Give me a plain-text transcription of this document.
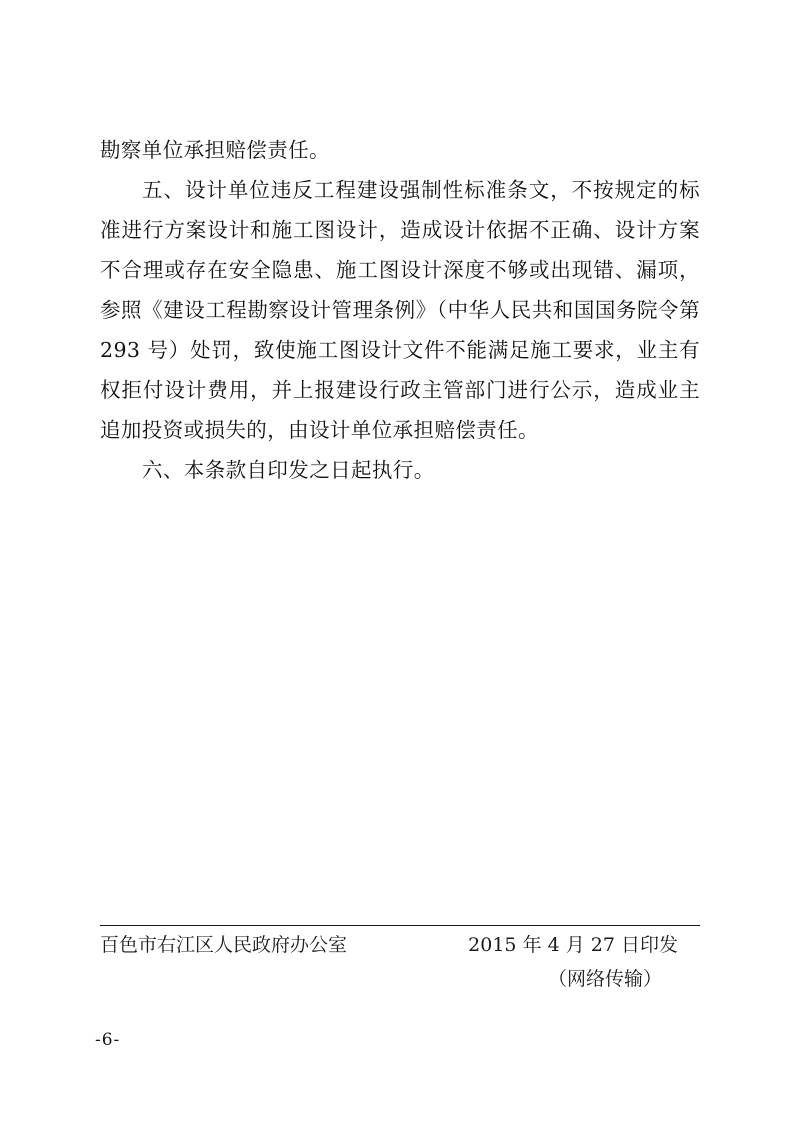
勘察单位承担赔偿责任。

五、设计单位违反工程建设强制性标准条文，不按规定的标准进行方案设计和施工图设计，造成设计依据不正确、设计方案不合理或存在安全隐患、施工图设计深度不够或出现错、漏项，参照《建设工程勘察设计管理条例》（中华人民共和国国务院令第 293 号）处罚，致使施工图设计文件不能满足施工要求，业主有权拒付设计费用，并上报建设行政主管部门进行公示，造成业主追加投资或损失的，由设计单位承担赔偿责任。

六、本条款自印发之日起执行。

百色市右江区人民政府办公室	2015 年 4 月 27 日印发
（网络传输）
-6-
